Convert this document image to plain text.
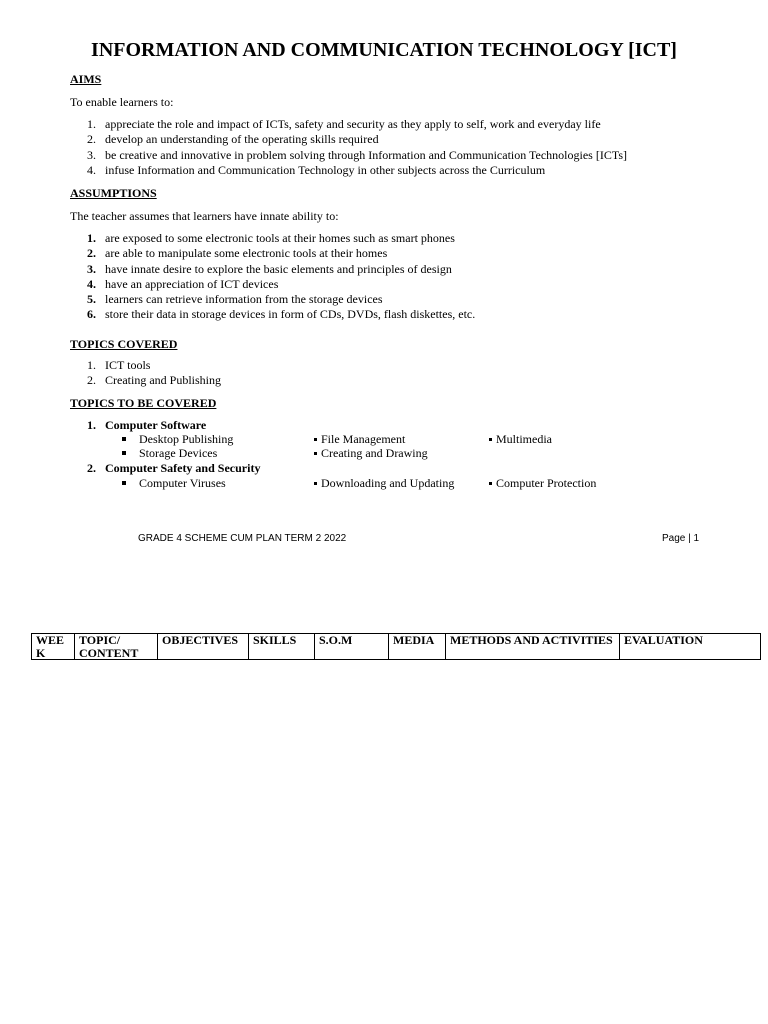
INFORMATION AND COMMUNICATION TECHNOLOGY [ICT]
AIMS
To enable learners to:
1. appreciate the role and impact of ICTs, safety and security as they apply to self, work and everyday life
2. develop an understanding of the operating skills required
3. be creative and innovative in problem solving through Information and Communication Technologies [ICTs]
4. infuse Information and Communication Technology in other subjects across the Curriculum
ASSUMPTIONS
The teacher assumes that learners have innate ability to:
1. are exposed to some electronic tools at their homes such as smart phones
2. are able to manipulate some electronic tools at their homes
3. have innate desire to explore the basic elements and principles of design
4. have an appreciation of ICT devices
5. learners can retrieve information from the storage devices
6. store their data in storage devices in form of CDs, DVDs, flash diskettes, etc.
TOPICS COVERED
1. ICT tools
2. Creating and Publishing
TOPICS TO BE COVERED
1. Computer Software
Desktop Publishing	File Management	Multimedia
Storage Devices	Creating and Drawing
2. Computer Safety and Security
Computer Viruses	Downloading and Updating	Computer Protection
GRADE 4 SCHEME CUM PLAN TERM 2 2022	Page | 1
WEEK	TOPIC/ CONTENT	OBJECTIVES	SKILLS	S.O.M	MEDIA	METHODS AND ACTIVITIES	EVALUATION
